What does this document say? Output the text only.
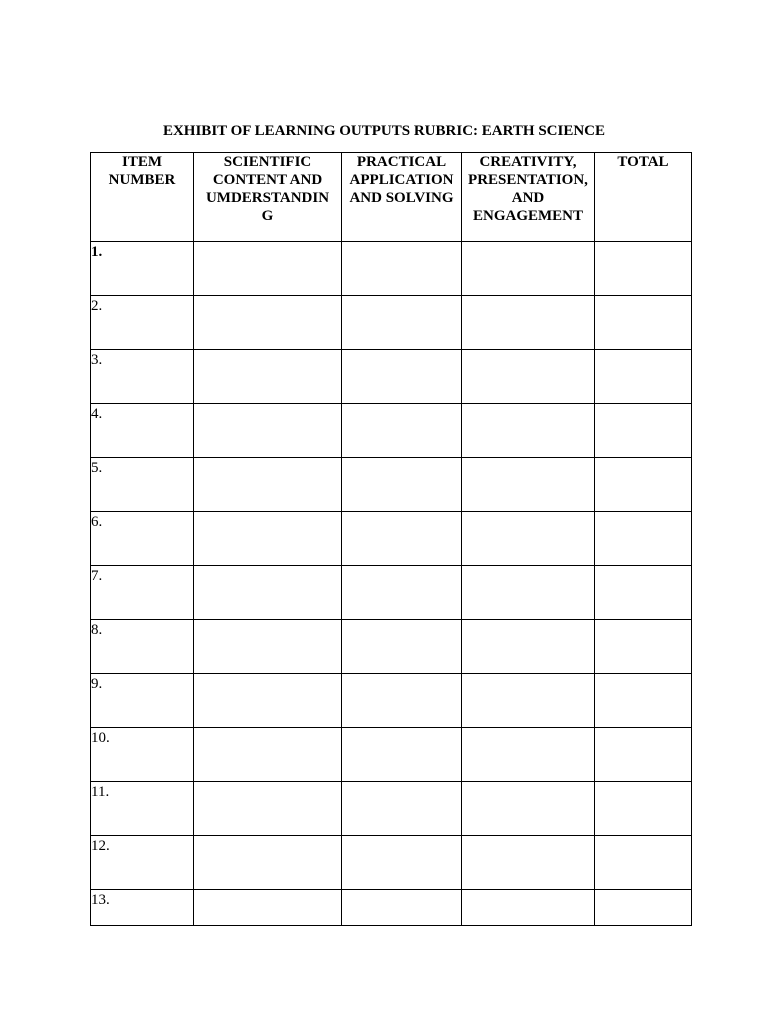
EXHIBIT OF LEARNING OUTPUTS RUBRIC: EARTH SCIENCE
ITEM
NUMBER	SCIENTIFIC
CONTENT AND
UMDERSTANDIN
G	PRACTICAL
APPLICATION
AND SOLVING	CREATIVITY,
PRESENTATION,
AND
ENGAGEMENT	TOTAL

1.				

2.				

3.				

4.				

5.				

6.				

7.				

8.				

9.				

10.				

11.				

12.				

13.				
